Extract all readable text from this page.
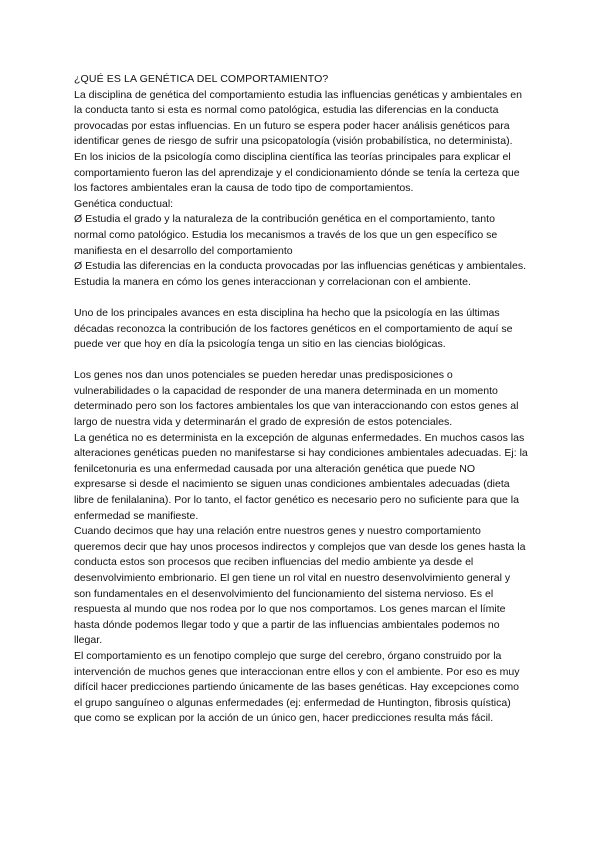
¿QUÉ ES LA GENÉTICA DEL COMPORTAMIENTO?

La disciplina de genética del comportamiento estudia las influencias genéticas y ambientales en la conducta tanto si esta es normal como patológica, estudia las diferencias en la conducta provocadas por estas influencias. En un futuro se espera poder hacer análisis genéticos para identificar genes de riesgo de sufrir una psicopatología (visión probabilística, no determinista).

En los inicios de la psicología como disciplina científica las teorías principales para explicar el comportamiento fueron las del aprendizaje y el condicionamiento dónde se tenía la certeza que los factores ambientales eran la causa de todo tipo de comportamientos.

Genética conductual:

Ø Estudia el grado y la naturaleza de la contribución genética en el comportamiento, tanto normal como patológico. Estudia los mecanismos a través de los que un gen específico se manifiesta en el desarrollo del comportamiento

Ø Estudia las diferencias en la conducta provocadas por las influencias genéticas y ambientales. Estudia la manera en cómo los genes interaccionan y correlacionan con el ambiente.

Uno de los principales avances en esta disciplina ha hecho que la psicología en las últimas décadas reconozca la contribución de los factores genéticos en el comportamiento de aquí se puede ver que hoy en día la psicología tenga un sitio en las ciencias biológicas.

Los genes nos dan unos potenciales se pueden heredar unas predisposiciones o vulnerabilidades o la capacidad de responder de una manera determinada en un momento determinado pero son los factores ambientales los que van interaccionando con estos genes al largo de nuestra vida y determinarán el grado de expresión de estos potenciales.

La genética no es determinista en la excepción de algunas enfermedades. En muchos casos las alteraciones genéticas pueden no manifestarse si hay condiciones ambientales adecuadas. Ej: la fenilcetonuria es una enfermedad causada por una alteración genética que puede NO expresarse si desde el nacimiento se siguen unas condiciones ambientales adecuadas (dieta libre de fenilalanina). Por lo tanto, el factor genético es necesario pero no suficiente para que la enfermedad se manifieste.

Cuando decimos que hay una relación entre nuestros genes y nuestro comportamiento queremos decir que hay unos procesos indirectos y complejos que van desde los genes hasta la conducta estos son procesos que reciben influencias del medio ambiente ya desde el desenvolvimiento embrionario. El gen tiene un rol vital en nuestro desenvolvimiento general y son fundamentales en el desenvolvimiento del funcionamiento del sistema nervioso. Es el respuesta al mundo que nos rodea por lo que nos comportamos. Los genes marcan el límite hasta dónde podemos llegar todo y que a partir de las influencias ambientales podemos no llegar.

El comportamiento es un fenotipo complejo que surge del cerebro, órgano construido por la intervención de muchos genes que interaccionan entre ellos y con el ambiente. Por eso es muy difícil hacer predicciones partiendo únicamente de las bases genéticas. Hay excepciones como el grupo sanguíneo o algunas enfermedades (ej: enfermedad de Huntington, fibrosis quística) que como se explican por la acción de un único gen, hacer predicciones resulta más fácil.
